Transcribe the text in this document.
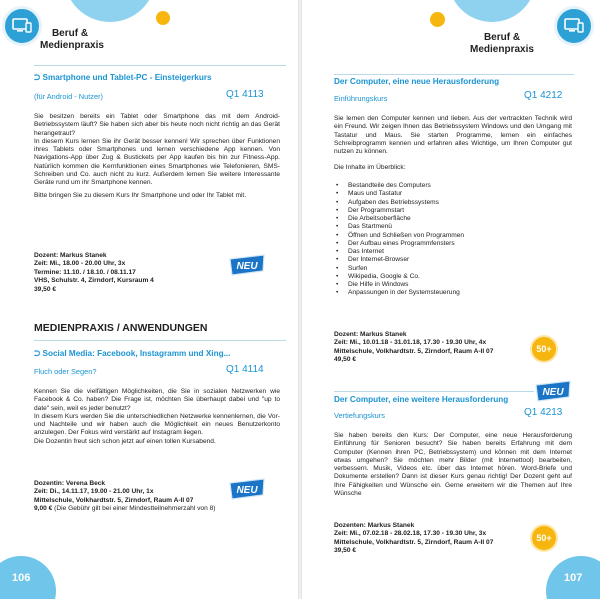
Beruf &
Medienpraxis
⮊ Smartphone und Tablet-PC - Einsteigerkurs
(für Android - Nutzer)	Q1 4113

Sie besitzen bereits ein Tablet oder Smartphone das mit dem Android-Betriebssystem läuft? Sie haben sich aber bis heute noch nicht richtig an das Gerät herangetraut?

In diesem Kurs lernen Sie ihr Gerät besser kennen! Wir sprechen über Funktionen ihres Tablets oder Smartphones und lernen verschiedene App kennen. Von Navigations-App über Zug & Bustickets per App kaufen bis hin zur Fitness-App. Natürlich kommen die Kernfunktionen eines Smartphones wie Telefonieren, SMS-Schreiben und Co. auch nicht zu kurz. Außerdem lernen Sie weitere Interessante Geräte rund um ihr Smartphone kennen.

Bitte bringen Sie zu diesem Kurs Ihr Smartphone und oder Ihr Tablet mit.

Dozent: Markus Stanek
Zeit: Mi., 18.00 - 20.00 Uhr, 3x
Termine: 11.10. / 18.10. / 08.11.17
VHS, Schulstr. 4, Zirndorf, Kursraum 4
39,50 €
NEU
MEDIENPRAXIS / ANWENDUNGEN
⮊ Social Media: Facebook, Instagramm und Xing...
Fluch oder Segen?	Q1 4114

Kennen Sie die vielfältigen Möglichkeiten, die Sie in sozialen Netzwerken wie Facebook & Co. haben? Die Frage ist, möchten Sie überhaupt dabei und "up to date" sein, weil es jeder benutzt?

In diesem Kurs werden Sie die unterschiedlichen Netzwerke kennenlernen, die Vor- und Nachteile und wir haben auch die Möglichkeit ein neues Benutzerkonto anzulegen. Der Fokus wird verstärkt auf Instagram liegen.

Die Dozentin freut sich schon jetzt auf einen tollen Kursabend.

Dozentin: Verena Beck
Zeit: Di., 14.11.17, 19.00 - 21.00 Uhr, 1x
Mittelschule, Volkhardtstr. 5, Zirndorf, Raum A-II 07
9,00 € (Die Gebühr gilt bei einer Mindestteilnehmerzahl von 8)
NEU
106
Beruf &
Medienpraxis
Der Computer, eine neue Herausforderung
Einführungskurs	Q1 4212

Sie lernen den Computer kennen und lieben. Aus der vertrackten Technik wird ein Freund. Wir zeigen Ihnen das Betriebssystem Windows und den Umgang mit Tastatur und Maus. Sie starten Programme, lernen ein einfaches Schreibprogramm kennen und erfahren alles Wichtige, um Ihren Computer gut nutzen zu können.

Die Inhalte im Überblick:

• Bestandteile des Computers
• Maus und Tastatur
• Aufgaben des Betriebssystems
• Der Programmstart
• Die Arbeitsoberfläche
• Das Startmenü
• Öffnen und Schließen von Programmen
• Der Aufbau eines Programmfensters
• Das Internet
• Der Internet-Browser
• Surfen
• Wikipedia, Google & Co.
• Die Hilfe in Windows
• Anpassungen in der Systemsteuerung
Dozent: Markus Stanek
Zeit: Mi., 10.01.18 - 31.01.18, 17.30 - 19.30 Uhr, 4x
Mittelschule, Volkhardtstr. 5, Zirndorf, Raum A-II 07
49,50 €
50+
NEU
Der Computer, eine weitere Herausforderung
Vertiefungskurs	Q1 4213

Sie haben bereits den Kurs: Der Computer, eine neue Herausforderung Einführung für Senioren besucht? Sie haben bereits Erfahrung mit dem Computer (Kennen ihren PC, Betriebssystem) und können mit dem Internet etwas umgehen? Sie möchten mehr Bilder (mit Internettool) bearbeiten, verbessern. Musik, Videos etc. über das Internet hören. Word-Briefe und Dokumente erstellen? Dann ist dieser Kurs genau richtig! Der Dozent geht auf Ihre Fähigkeiten und Wünsche ein. Gerne erweitern wir die Themen auf Ihre Wünsche

Dozenten: Markus Stanek
Zeit: Mi., 07.02.18 - 28.02.18, 17.30 - 19.30 Uhr, 3x
Mittelschule, Volkhardtstr. 5, Zirndorf, Raum A-II 07
39,50 €
50+
107
